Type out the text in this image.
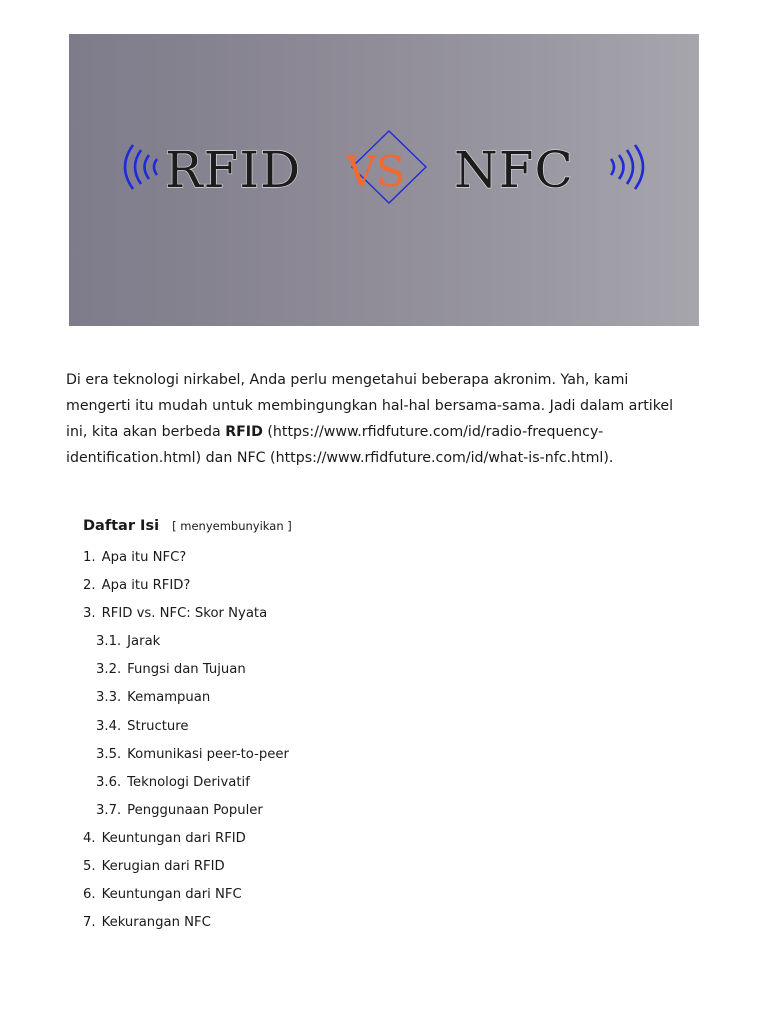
RFID VS NFC

Di era teknologi nirkabel, Anda perlu mengetahui beberapa akronim. Yah, kami mengerti itu mudah untuk membingungkan hal-hal bersama-sama. Jadi dalam artikel ini, kita akan berbeda RFID (https://www.rfidfuture.com/id/radio-frequency-identification.html) dan NFC (https://www.rfidfuture.com/id/what-is-nfc.html).

Daftar Isi [ menyembunyikan ]
1. Apa itu NFC?
2. Apa itu RFID?
3. RFID vs. NFC: Skor Nyata
3.1. Jarak
3.2. Fungsi dan Tujuan
3.3. Kemampuan
3.4. Structure
3.5. Komunikasi peer-to-peer
3.6. Teknologi Derivatif
3.7. Penggunaan Populer
4. Keuntungan dari RFID
5. Kerugian dari RFID
6. Keuntungan dari NFC
7. Kekurangan NFC
